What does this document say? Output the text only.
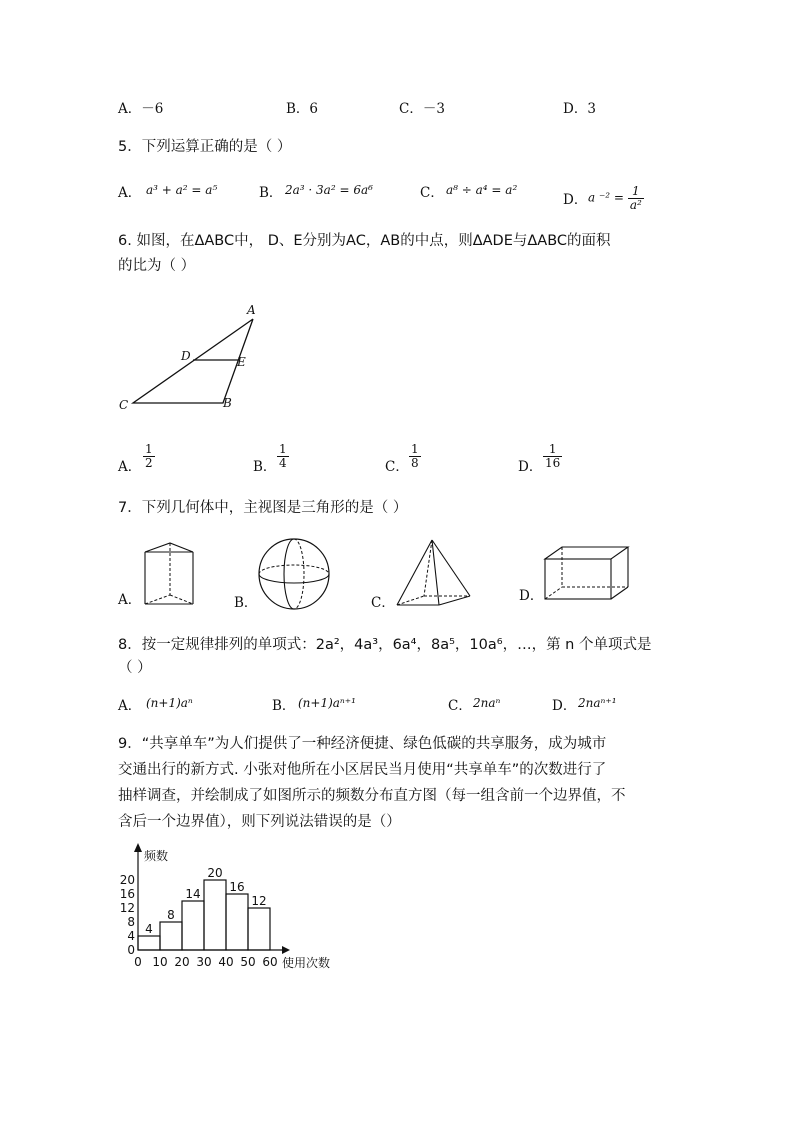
A．－6	B．6	C．－3	D．3
5．下列运算正确的是（ ）
A． a³ + a² = a⁵	B． 2a³ · 3a² = 6a⁶	C． a⁸ ÷ a⁴ = a²
D． a $^{-2} = \frac{1}{\text{a²}}$
6. 如图，在ΔABC中， D、E分别为AC，AB的中点，则ΔADE与ΔABC的面积
的比为（ ）
A
D	E
C	B
A． $\frac{1}{2}$	B． $\frac{1}{4}$	C． $\frac{1}{8}$	D． $\frac{1}{16}$
7．下列几何体中，主视图是三角形的是（ ）
A．	B．	C．	D．
8．按一定规律排列的单项式：2a²，4a³，6a⁴，8a⁵，10a⁶，…，第 n 个单项式是
（ ）
A． (n+1)aⁿ	B． (n+1)aⁿ⁺¹	C． 2naⁿ	D． 2naⁿ⁺¹
9．“共享单车”为人们提供了一种经济便捷、绿色低碳的共享服务，成为城市
交通出行的新方式. 小张对他所在小区居民当月使用“共享单车”的次数进行了
抽样调查，并绘制成了如图所示的频数分布直方图（每一组含前一个边界值，不
含后一个边界值），则下列说法错误的是（）
0
4
8
12
16
20
0 10 20 30 40 50 60
4
8
14
20
16
12
频数
使用次数
